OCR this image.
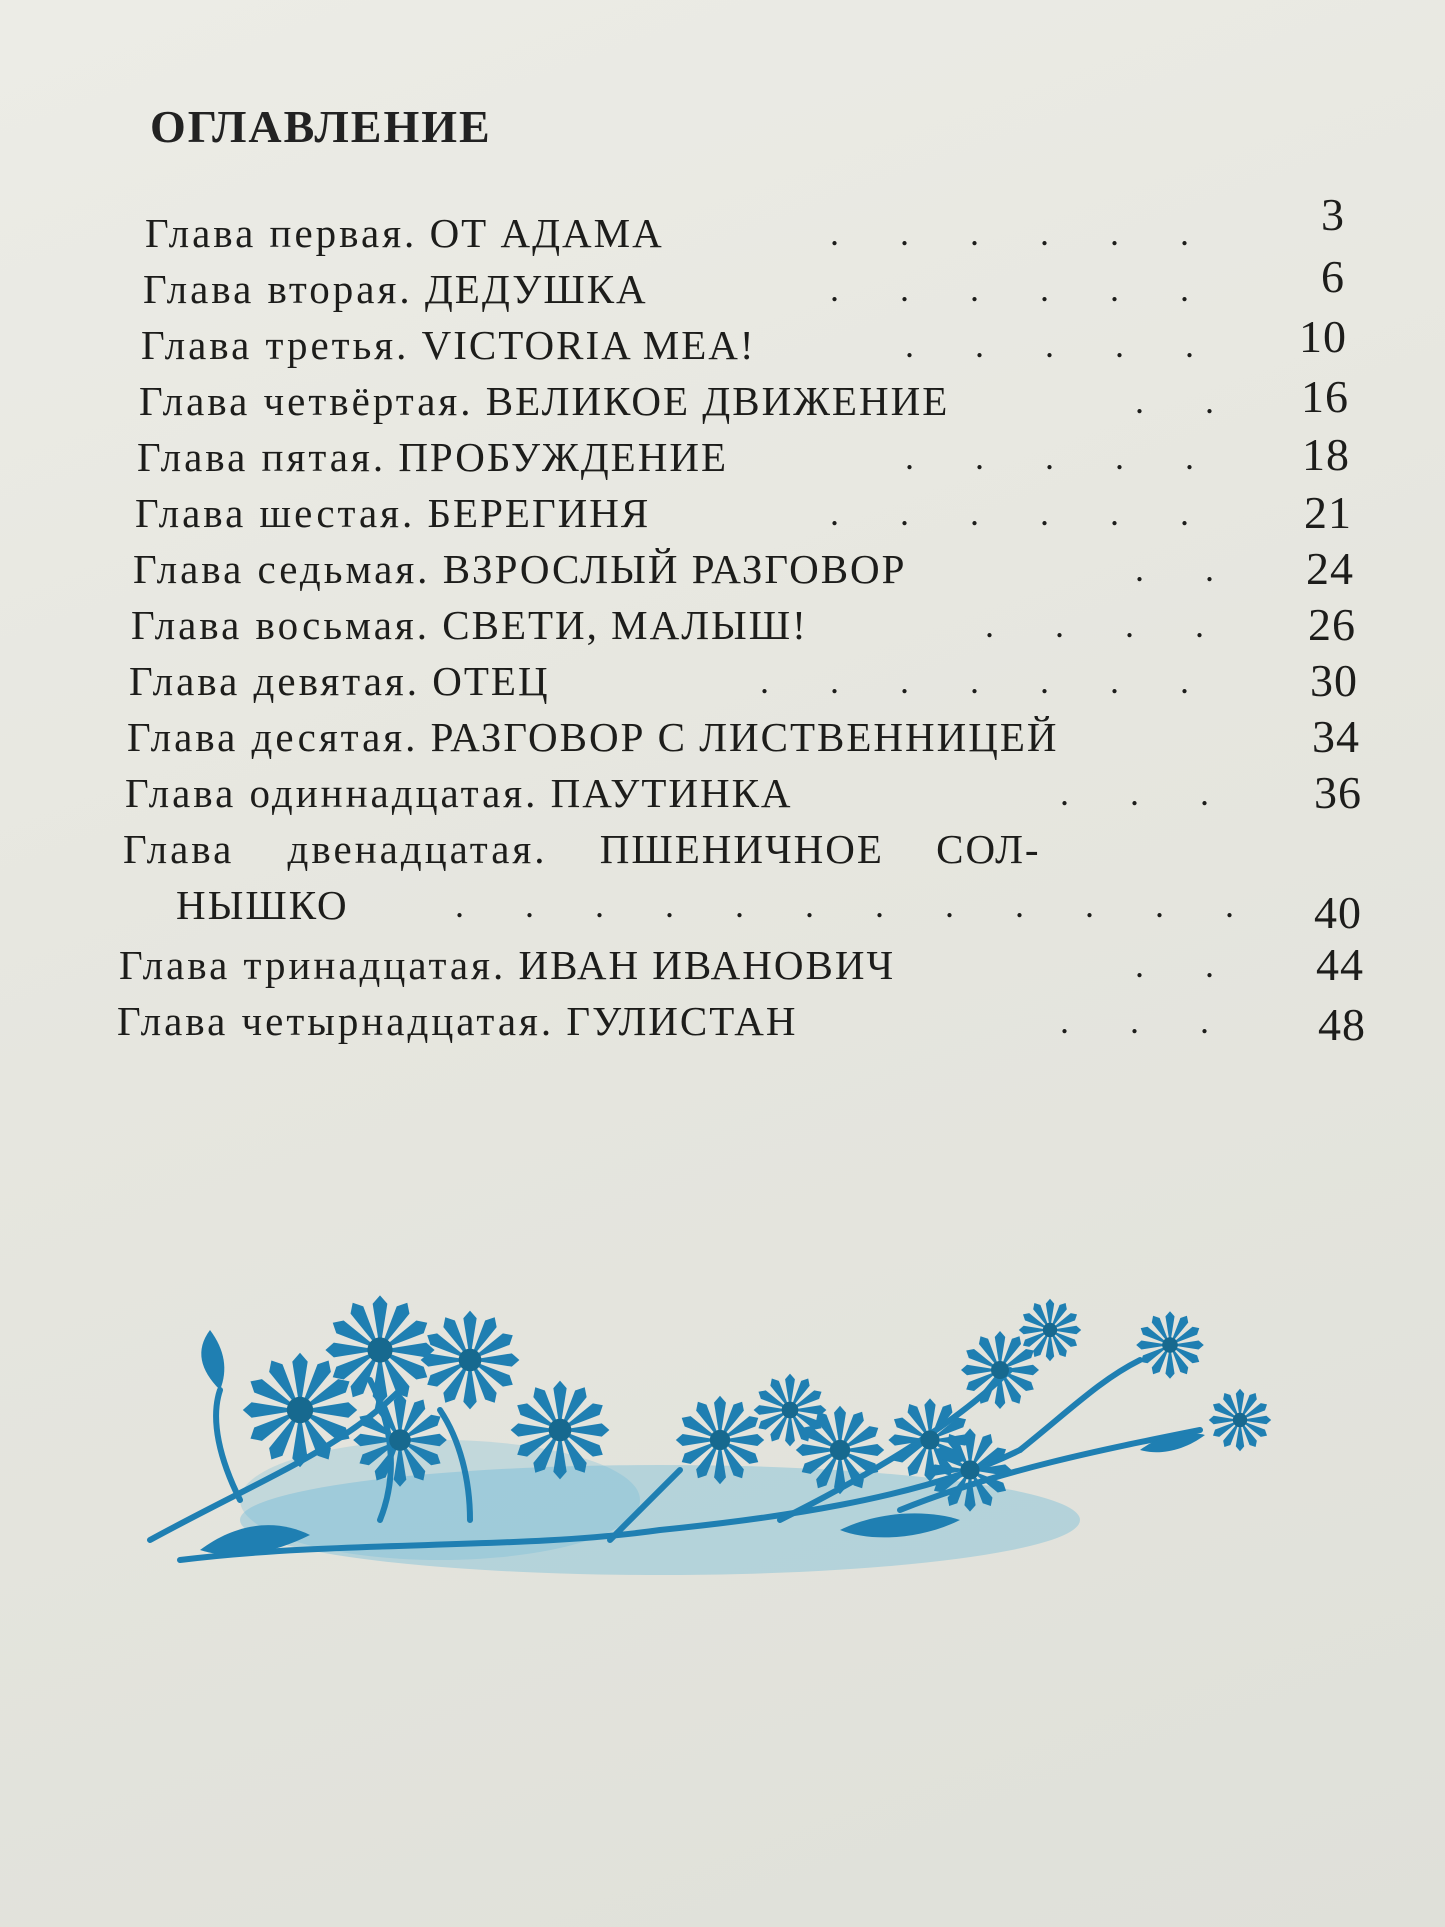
ОГЛАВЛЕНИЕ
Глава первая. ОТ АДАМА	. . . . . .	3
Глава вторая. ДЕДУШКА	. . . . . .	6
Глава третья. VICTORIA MEA!	. . . . .	10
Глава четвёртая. ВЕЛИКОЕ ДВИЖЕНИЕ	. .	16
Глава пятая. ПРОБУЖДЕНИЕ	. . . . .	18
Глава шестая. БЕРЕГИНЯ	. . . . . .	21
Глава седьмая. ВЗРОСЛЫЙ РАЗГОВОР	. .	24
Глава восьмая. СВЕТИ, МАЛЫШ!	. . . .	26
Глава девятая. ОТЕЦ	. . . . . . .	30
Глава десятая. РАЗГОВОР С ЛИСТВЕННИЦЕЙ	34
Глава одиннадцатая. ПАУТИНКА	. . .	36
Глава двенадцатая. ПШЕНИЧНОЕ СОЛ-
НЫШКО	. . . . . . . . . . . .	40
Глава тринадцатая. ИВАН ИВАНОВИЧ	. .	44
Глава четырнадцатая. ГУЛИСТАН	. . .	48
